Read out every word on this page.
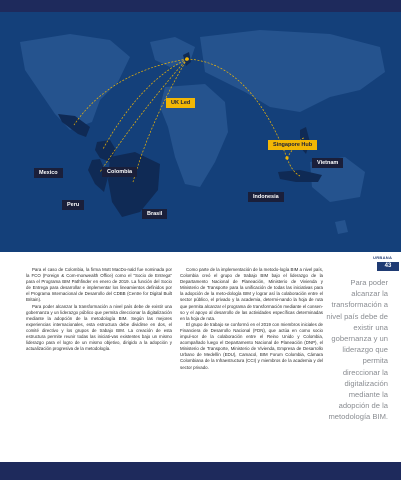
UK Led
Singapore Hub
Vietnam
Mexico	Colombia
Indonesia
Peru
Brasil
URBANA
43

Para el caso de Colombia, la firma Mott MacDo-nald fue nominada por la FCO (Foreign & Com-monwealth Office) como el "Socio de Entrega" para el Programa BIM Pathfinder en enero de 2019. La función del Socio de Entrega para desarrollar e implementar los lineamientos definidos por el Programa Internacional de Desarrollo del CDBB (Centre for Digital Built Britain).

Para poder alcanzar la transformación a nivel país debe de existir una gobernanza y un liderazgo público que permita direccionar la digitalización mediante la adopción de la metodología BIM. Según las mejores experiencias internacionales, esta estructura debe dividirse en dos, el comité directivo y los grupos de trabajo BIM. La creación de esta estructura permite reunir todas las iniciati-vas existentes bajo un mismo liderazgo para el logro de un mismo objetivo, dirigido a la adopción y actualización progresiva de la metodología.

Como parte de la implementación de la metodo-logía BIM a nivel país, Colombia creó el grupo de trabajo BIM bajo el liderazgo de la Departamento Nacional de Planeación, Ministerio de Vivienda y Ministerio de Transporte para la unificación de todas las iniciativas para la adopción de la meto-dología BIM y lograr así la colaboración entre el sector público, el privado y la academia, determi-nando la hoja de ruta que permita alcanzar el programa de transformación mediante el consen-so y el apoyo al desarrollo de las actividades específicas determinadas en la hoja de ruta.

El grupo de trabajo se conformó en el 2019 con miembros iniciales de Financiera de Desarrollo Nacional (FDN), que actúa en como socio impul-sor de la colaboración entre el Reino Unido y Colombia, acompañado luego el Departamento Nacional de Planeación (DNP), el Ministerio de Transporte, Ministerio de Vivienda, Empresa de Desarrollo Urbano de Medellín (EDU), Camacol, BIM Forum Colombia, Cámara Colombiana de la Infraestructura (CCI) y miembros de la academia y del sector privado.

Para poder alcanzar la transformación a nivel país debe de existir una gobernanza y un liderazgo que permita direccionar la digitalización mediante la adopción de la metodología BIM.
